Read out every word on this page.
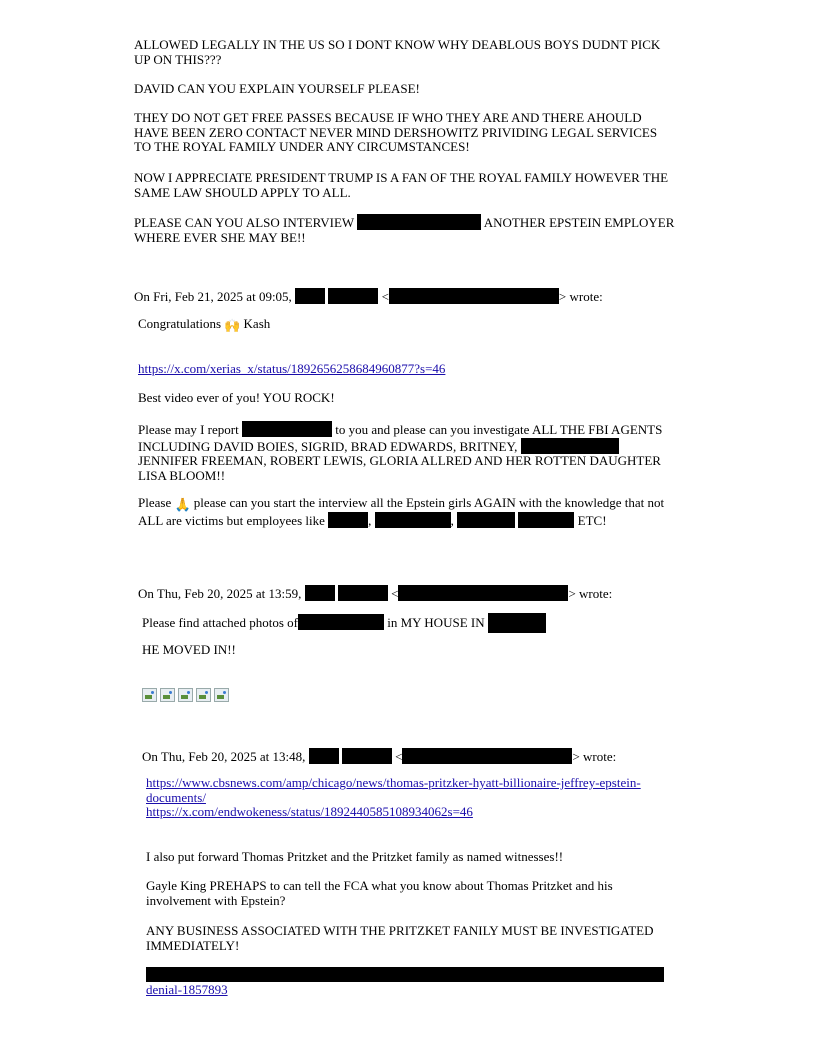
ALLOWED LEGALLY IN THE US SO I DONT KNOW WHY DEABLOUS BOYS DUDNT PICK
UP ON THIS???
DAVID CAN YOU EXPLAIN YOURSELF PLEASE!
THEY DO NOT GET FREE PASSES BECAUSE IF WHO THEY ARE AND THERE AHOULD
HAVE BEEN ZERO CONTACT NEVER MIND DERSHOWITZ PRIVIDING LEGAL SERVICES
TO THE ROYAL FAMILY UNDER ANY CIRCUMSTANCES!
NOW I APPRECIATE PRESIDENT TRUMP IS A FAN OF THE ROYAL FAMILY HOWEVER THE
SAME LAW SHOULD APPLY TO ALL.
PLEASE CAN YOU ALSO INTERVIEW	ANOTHER EPSTEIN EMPLOYER
WHERE EVER SHE MAY BE!!
On Fri, Feb 21, 2025 at 09:05,	<	> wrote:
Congratulations 🙌 Kash
https://x.com/xerias_x/status/1892656258684960877?s=46
Best video ever of you! YOU ROCK!
Please may I report	to you and please can you investigate ALL THE FBI AGENTS
INCLUDING DAVID BOIES, SIGRID, BRAD EDWARDS, BRITNEY,
JENNIFER FREEMAN, ROBERT LEWIS, GLORIA ALLRED AND HER ROTTEN DAUGHTER
LISA BLOOM!!
Please 🙏 please can you start the interview all the Epstein girls AGAIN with the knowledge that not
ALL are victims but employees like	,	,	ETC!
On Thu, Feb 20, 2025 at 13:59,	<	> wrote:
Please find attached photos of	in MY HOUSE IN
HE MOVED IN!!
On Thu, Feb 20, 2025 at 13:48,	<	> wrote:
https://www.cbsnews.com/amp/chicago/news/thomas-pritzker-hyatt-billionaire-jeffrey-epstein-
documents/
https://x.com/endwokeness/status/1892440585108934062s=46
I also put forward Thomas Pritzket and the Pritzket family as named witnesses!!
Gayle King PREHAPS to can tell the FCA what you know about Thomas Pritzket and his
involvement with Epstein?
ANY BUSINESS ASSOCIATED WITH THE PRITZKET FANILY MUST BE INVESTIGATED
IMMEDIATELY!
denial-1857893
